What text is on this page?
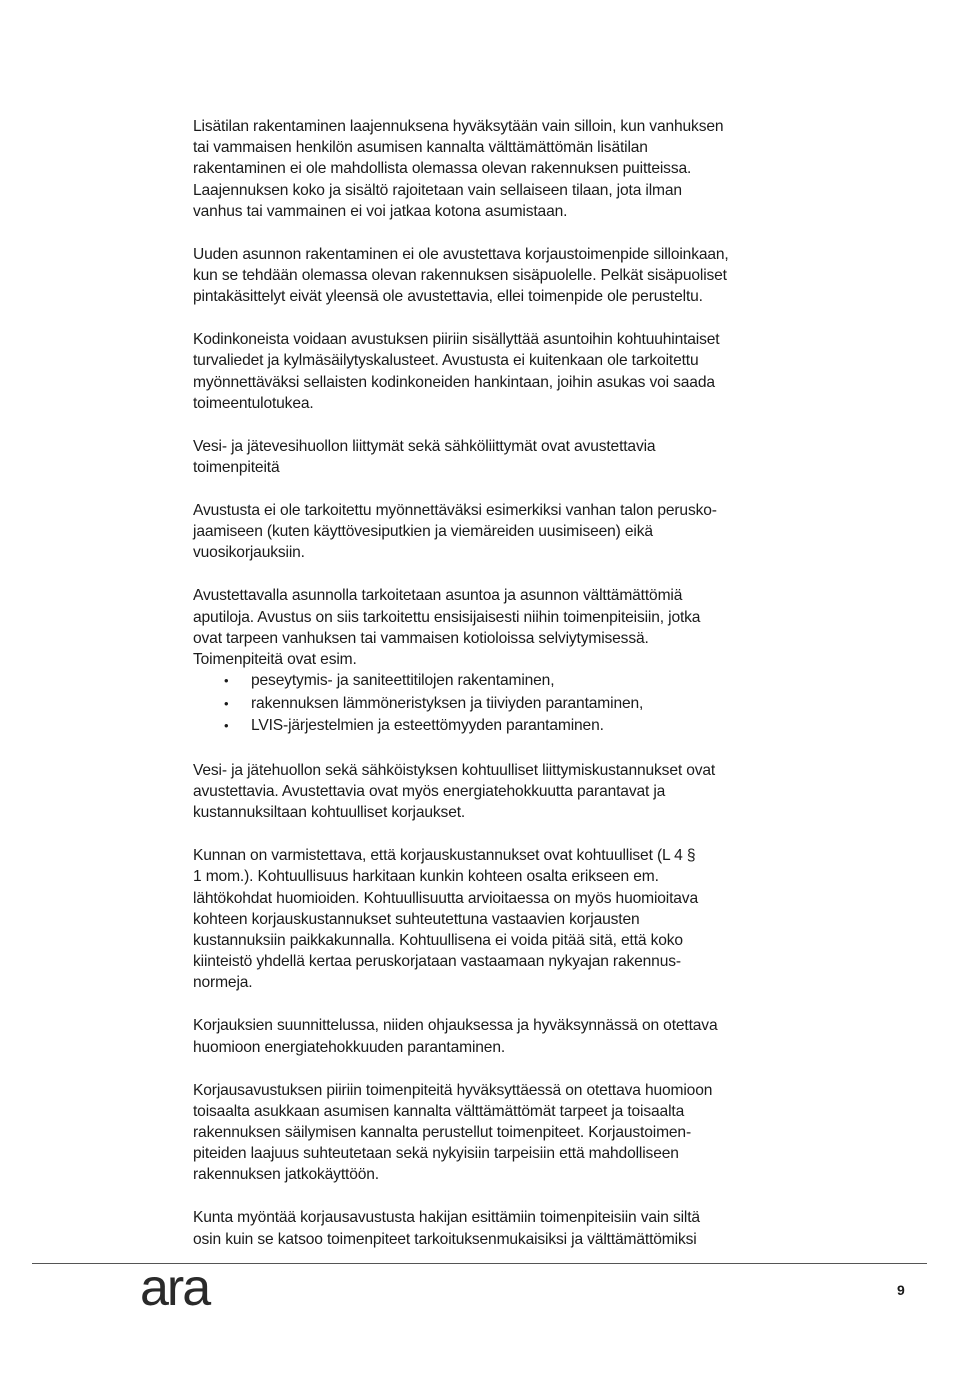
Lisätilan rakentaminen laajennuksena hyväksytään vain silloin, kun vanhuksen
tai vammaisen henkilön asumisen kannalta välttämättömän lisätilan
rakentaminen ei ole mahdollista olemassa olevan rakennuksen puitteissa.
Laajennuksen koko ja sisältö rajoitetaan vain sellaiseen tilaan, jota ilman
vanhus tai vammainen ei voi jatkaa kotona asumistaan.

Uuden asunnon rakentaminen ei ole avustettava korjaustoimenpide silloinkaan,
kun se tehdään olemassa olevan rakennuksen sisäpuolelle. Pelkät sisäpuoliset
pintakäsittelyt eivät yleensä ole avustettavia, ellei toimenpide ole perusteltu.

Kodinkoneista voidaan avustuksen piiriin sisällyttää asuntoihin kohtuuhintaiset
turvaliedet ja kylmäsäilytyskalusteet. Avustusta ei kuitenkaan ole tarkoitettu
myönnettäväksi sellaisten kodinkoneiden hankintaan, joihin asukas voi saada
toimeentulotukea.

Vesi- ja jätevesihuollon liittymät sekä sähköliittymät ovat avustettavia
toimenpiteitä

Avustusta ei ole tarkoitettu myönnettäväksi esimerkiksi vanhan talon perusko-
jaamiseen (kuten käyttövesiputkien ja viemäreiden uusimiseen) eikä
vuosikorjauksiin.

Avustettavalla asunnolla tarkoitetaan asuntoa ja asunnon välttämättömiä
aputiloja. Avustus on siis tarkoitettu ensisijaisesti niihin toimenpiteisiin, jotka
ovat tarpeen vanhuksen tai vammaisen kotioloissa selviytymisessä.
Toimenpiteitä ovat esim.

• peseytymis- ja saniteettitilojen rakentaminen,
• rakennuksen lämmöneristyksen ja tiiviyden parantaminen,
• LVIS-järjestelmien ja esteettömyyden parantaminen.

Vesi- ja jätehuollon sekä sähköistyksen kohtuulliset liittymiskustannukset ovat
avustettavia. Avustettavia ovat myös energiatehokkuutta parantavat ja
kustannuksiltaan kohtuulliset korjaukset.

Kunnan on varmistettava, että korjauskustannukset ovat kohtuulliset (L 4 §
1 mom.). Kohtuullisuus harkitaan kunkin kohteen osalta erikseen em.
lähtökohdat huomioiden. Kohtuullisuutta arvioitaessa on myös huomioitava
kohteen korjauskustannukset suhteutettuna vastaavien korjausten
kustannuksiin paikkakunnalla. Kohtuullisena ei voida pitää sitä, että koko
kiinteistö yhdellä kertaa peruskorjataan vastaamaan nykyajan rakennus-
normeja.

Korjauksien suunnittelussa, niiden ohjauksessa ja hyväksynnässä on otettava
huomioon energiatehokkuuden parantaminen.

Korjausavustuksen piiriin toimenpiteitä hyväksyttäessä on otettava huomioon
toisaalta asukkaan asumisen kannalta välttämättömät tarpeet ja toisaalta
rakennuksen säilymisen kannalta perustellut toimenpiteet. Korjaustoimen-
piteiden laajuus suhteutetaan sekä nykyisiin tarpeisiin että mahdolliseen
rakennuksen jatkokäyttöön.

Kunta myöntää korjausavustusta hakijan esittämiin toimenpiteisiin vain siltä
osin kuin se katsoo toimenpiteet tarkoituksenmukaisiksi ja välttämättömiksi

ara	9
